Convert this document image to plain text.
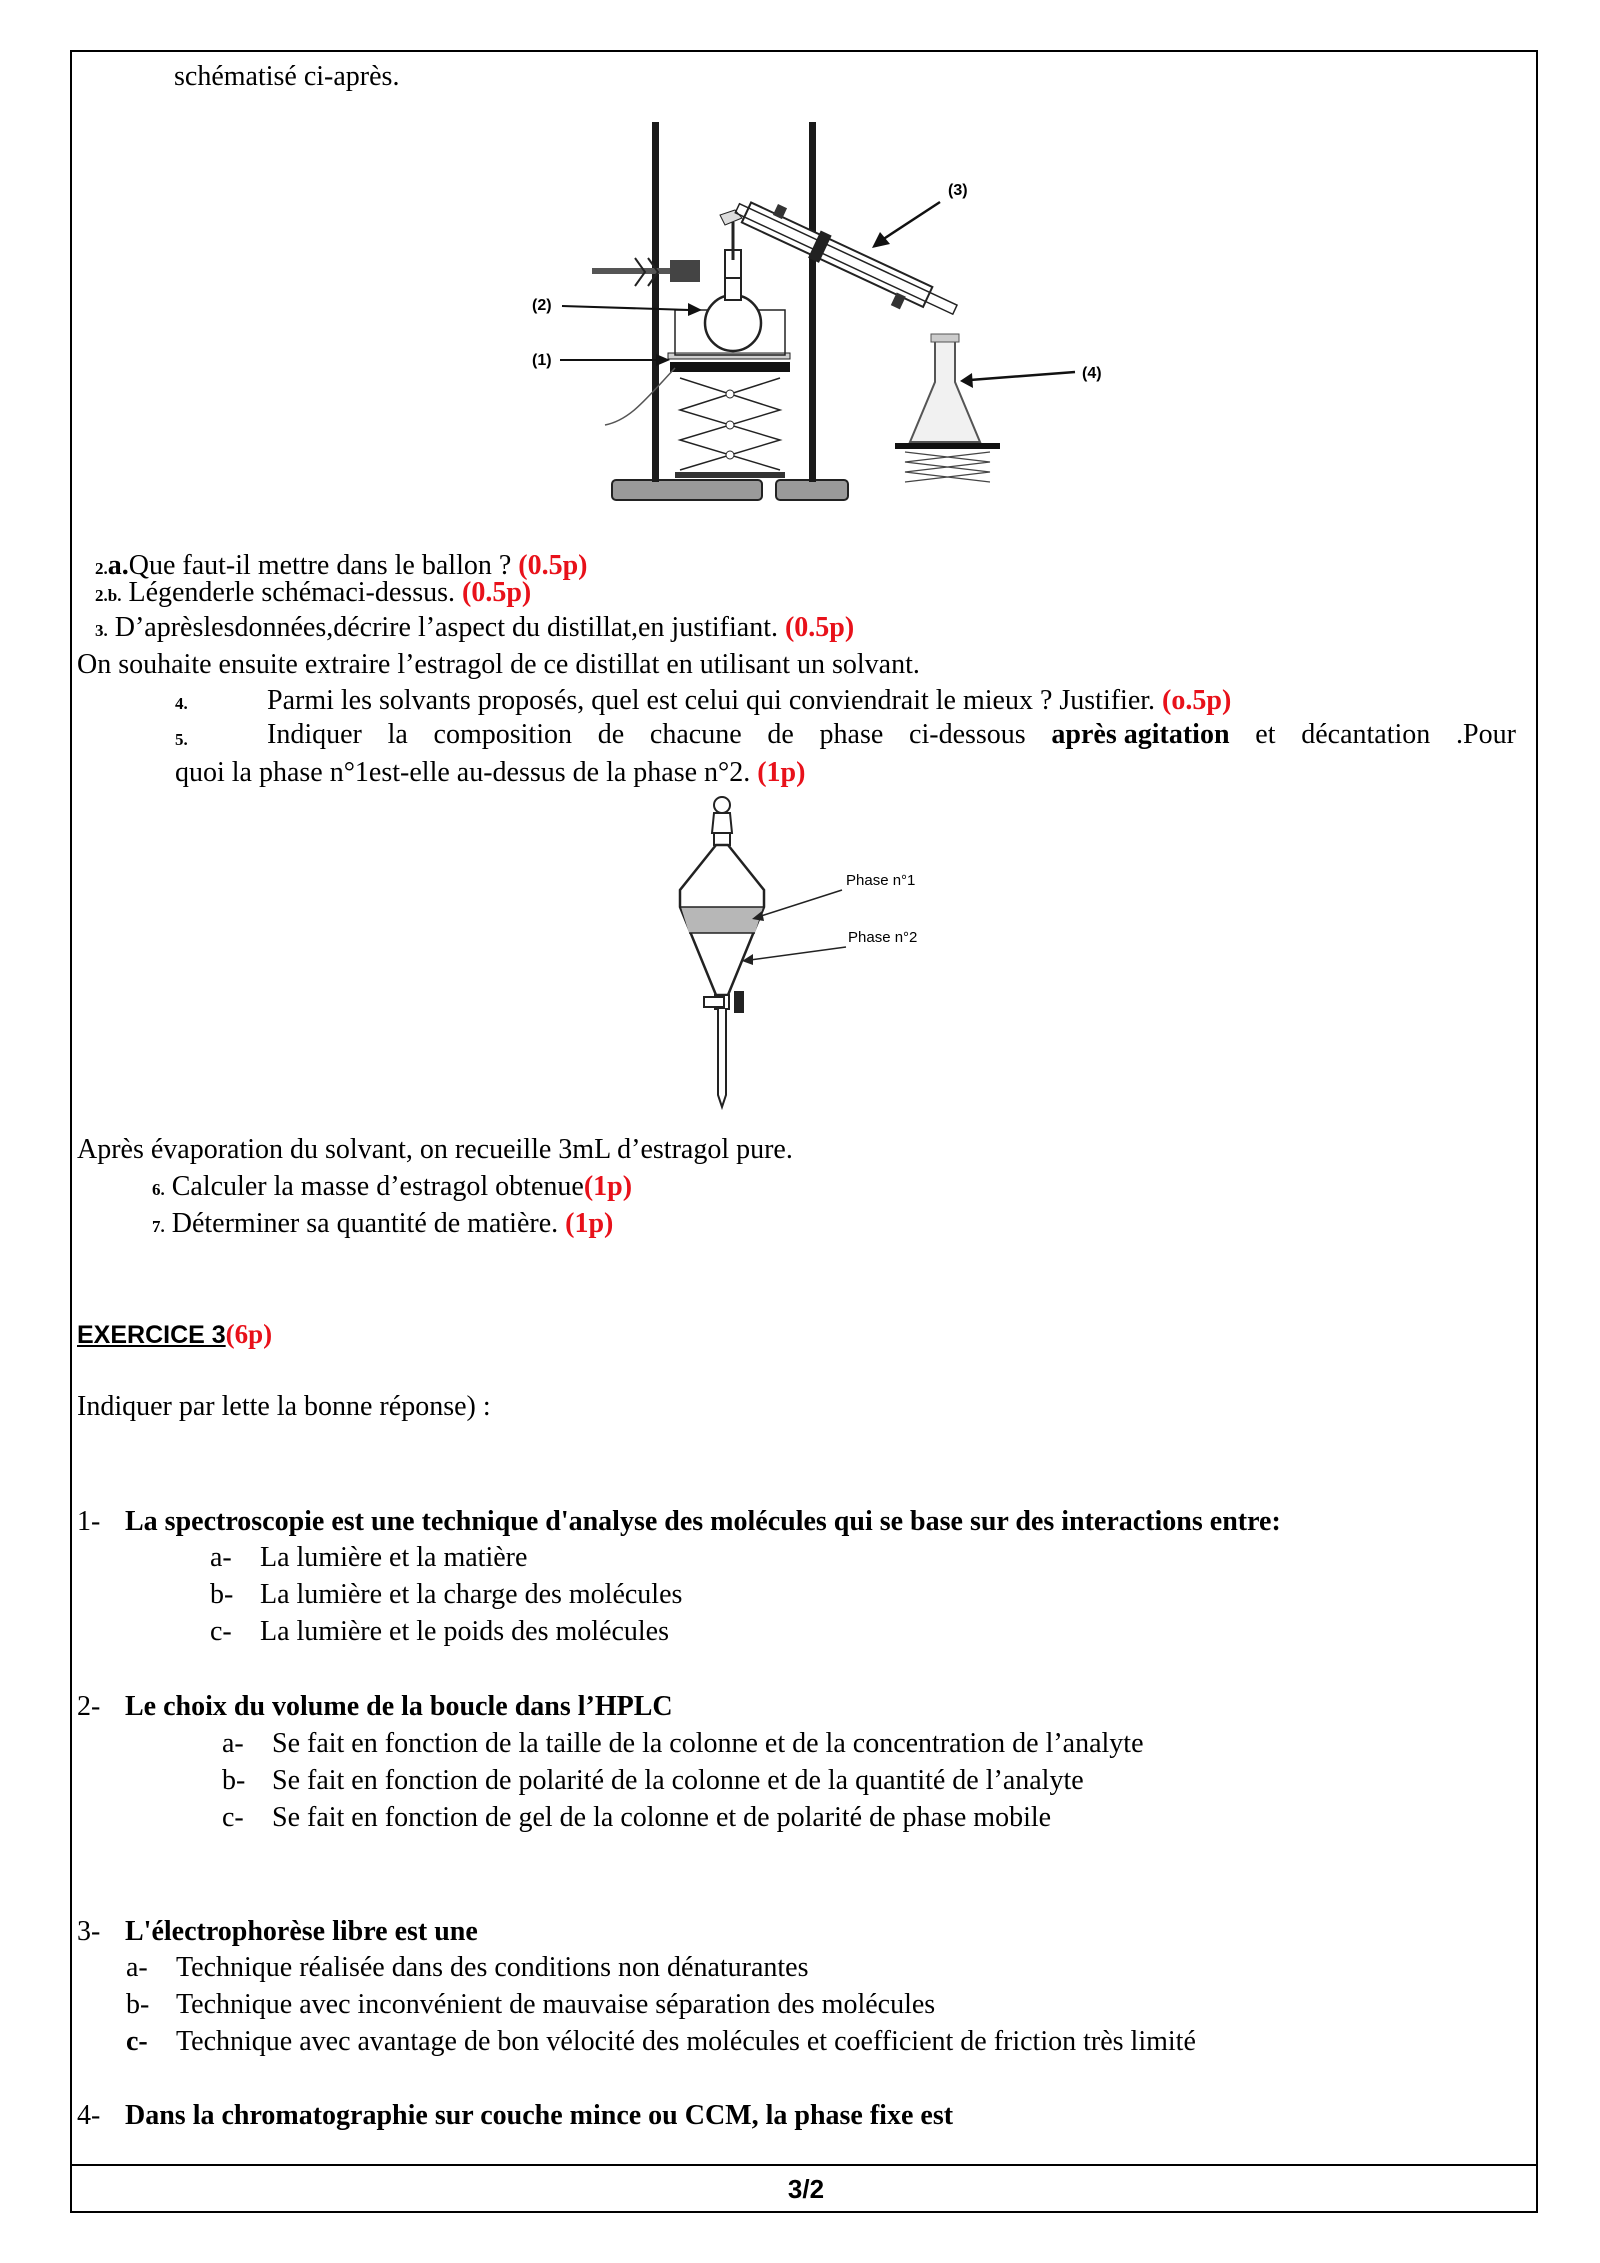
schématisé ci-après.
(1)
(2)
(3)
(4)
2.a.Que faut-il mettre dans le ballon ? (0.5p)
2.b. Légenderle schémaci-dessus. (0.5p)
3. D’aprèslesdonnées,décrire l’aspect du distillat,en justifiant. (0.5p)
On souhaite ensuite extraire l’estragol de ce distillat en utilisant un solvant.
4.	Parmi les solvants proposés, quel est celui qui conviendrait le mieux ? Justifier. (o.5p)
5.	Indiquer la composition de chacune de phase ci-dessous après agitation et décantation .Pour
quoi la phase n°1est-elle au-dessus de la phase n°2. (1p)
Phase n°1
Phase n°2
Après évaporation du solvant, on recueille 3mL d’estragol pure.
6. Calculer la masse d’estragol obtenue(1p)
7. Déterminer sa quantité de matière. (1p)
EXERCICE 3(6p)
Indiquer par lette la bonne réponse) :
1- La spectroscopie est une technique d'analyse des molécules qui se base sur des interactions entre:
a- La lumière et la matière
b- La lumière et la charge des molécules
c- La lumière et le poids des molécules
2- Le choix du volume de la boucle dans l’HPLC
a- Se fait en fonction de la taille de la colonne et de la concentration de l’analyte
b- Se fait en fonction de polarité de la colonne et de la quantité de l’analyte
c- Se fait en fonction de gel de la colonne et de polarité de phase mobile
3- L'électrophorèse libre est une
a- Technique réalisée dans des conditions non dénaturantes
b- Technique avec inconvénient de mauvaise séparation des molécules
c- Technique avec avantage de bon vélocité des molécules et coefficient de friction très limité
4- Dans la chromatographie sur couche mince ou CCM, la phase fixe est
3/2
